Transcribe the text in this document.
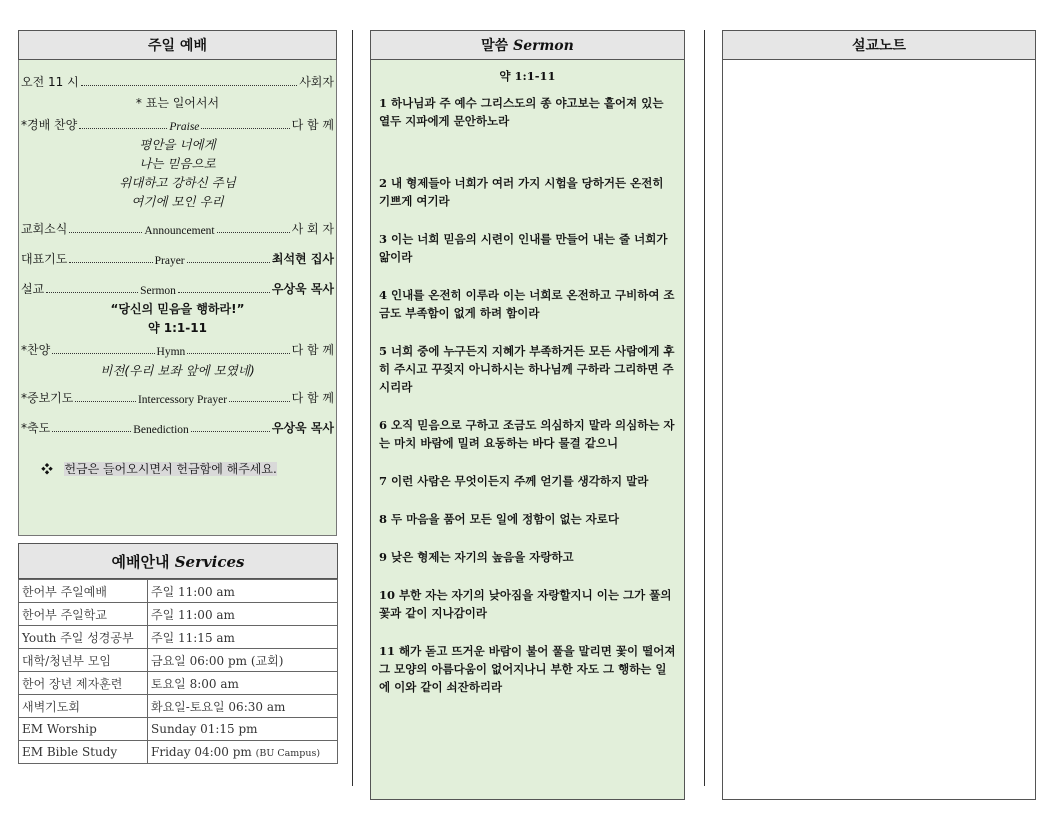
주일 예배
오전 11 시	사회자
* 표는 일어서서
*경배 찬양	Praise	다 함 께
평안을 너에게
나는 믿음으로
위대하고 강하신 주님
여기에 모인 우리
교회소식	Announcement	사 회 자
대표기도	Prayer	최석현 집사
설교	Sermon	우상욱 목사
“당신의 믿음을 행하라!”
약 1:1-11
*찬양	Hymn	다 함 께
비전(우리 보좌 앞에 모였네)
*중보기도	Intercessory Prayer	다 함 께
*축도	Benediction	우상욱 목사
❖ 헌금은 들어오시면서 헌금함에 해주세요.
예배안내 Services
한어부 주일예배	주일 11:00 am
한어부 주일학교	주일 11:00 am
Youth 주일 성경공부	주일 11:15 am
대학/청년부 모임	금요일 06:00 pm (교회)
한어 장년 제자훈련	토요일 8:00 am
새벽기도회	화요일-토요일 06:30 am
EM Worship	Sunday 01:15 pm
EM Bible Study	Friday 04:00 pm (BU Campus)
말씀 Sermon
약 1:1-11
1 하나님과 주 예수 그리스도의 종 야고보는 흩어져 있는 열두 지파에게 문안하노라
2 내 형제들아 너희가 여러 가지 시험을 당하거든 온전히 기쁘게 여기라
3 이는 너희 믿음의 시련이 인내를 만들어 내는 줄 너희가 앎이라
4 인내를 온전히 이루라 이는 너희로 온전하고 구비하여 조금도 부족함이 없게 하려 함이라
5 너희 중에 누구든지 지혜가 부족하거든 모든 사람에게 후히 주시고 꾸짖지 아니하시는 하나님께 구하라 그리하면 주시리라
6 오직 믿음으로 구하고 조금도 의심하지 말라 의심하는 자는 마치 바람에 밀려 요동하는 바다 물결 같으니
7 이런 사람은 무엇이든지 주께 얻기를 생각하지 말라
8 두 마음을 품어 모든 일에 정함이 없는 자로다
9 낮은 형제는 자기의 높음을 자랑하고
10 부한 자는 자기의 낮아짐을 자랑할지니 이는 그가 풀의 꽃과 같이 지나감이라
11 해가 돋고 뜨거운 바람이 불어 풀을 말리면 꽃이 떨어져 그 모양의 아름다움이 없어지나니 부한 자도 그 행하는 일에 이와 같이 쇠잔하리라
설교노트
